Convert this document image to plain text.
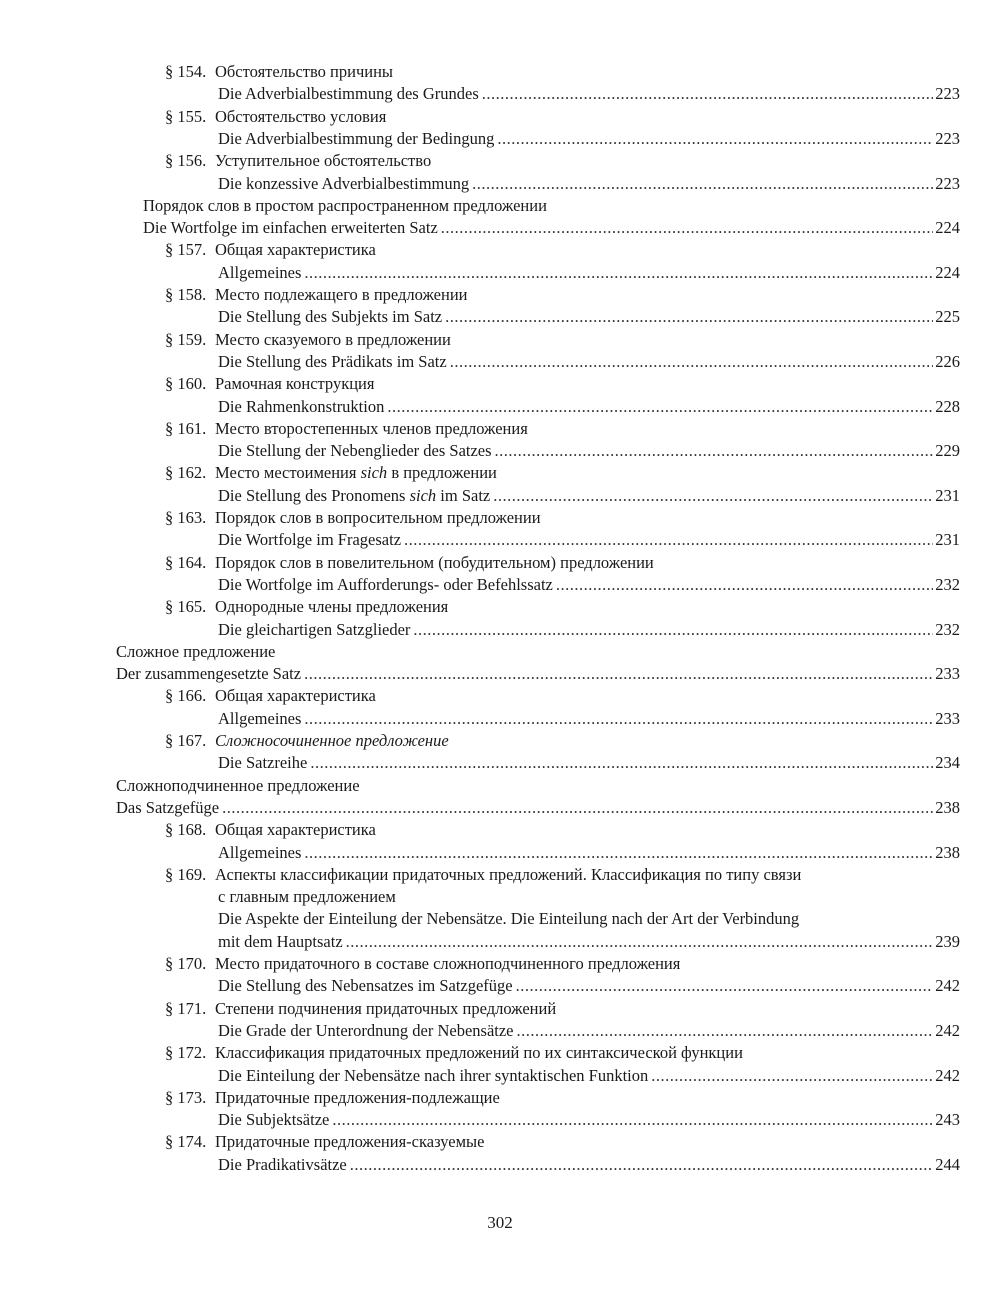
§ 154. Обстоятельство причины
Die Adverbialbestimmung des Grundes .....	223
§ 155. Обстоятельство условия
Die Adverbialbestimmung der Bedingung .....	223
§ 156. Уступительное обстоятельство
Die konzessive Adverbialbestimmung .....	223
Порядок слов в простом распространенном предложении
Die Wortfolge im einfachen erweiterten Satz .....	224
§ 157. Общая характеристика
Allgemeines .....	224
§ 158. Место подлежащего в предложении
Die Stellung des Subjekts im Satz .....	225
§ 159. Место сказуемого в предложении
Die Stellung des Prädikats im Satz .....	226
§ 160. Рамочная конструкция
Die Rahmenkonstruktion .....	228
§ 161. Место второстепенных членов предложения
Die Stellung der Nebenglieder des Satzes .....	229
§ 162. Место местоимения sich в предложении
Die Stellung des Pronomens sich im Satz .....	231
§ 163. Порядок слов в вопросительном предложении
Die Wortfolge im Fragesatz .....	231
§ 164. Порядок слов в повелительном (побудительном) предложении
Die Wortfolge im Aufforderungs- oder Befehlssatz .....	232
§ 165. Однородные члены предложения
Die gleichartigen Satzglieder .....	232
Сложное предложение
Der zusammengesetzte Satz .....	233
§ 166. Общая характеристика
Allgemeines .....	233
§ 167. Сложносочиненное предложение
Die Satzreihe .....	234
Сложноподчиненное предложение
Das Satzgefüge .....	238
§ 168. Общая характеристика
Allgemeines .....	238
§ 169. Аспекты классификации придаточных предложений. Классификация по типу связи
с главным предложением
Die Aspekte der Einteilung der Nebensätze. Die Einteilung nach der Art der Verbindung
mit dem Hauptsatz .....	239
§ 170. Место придаточного в составе сложноподчиненного предложения
Die Stellung des Nebensatzes im Satzgefüge .....	242
§ 171. Степени подчинения придаточных предложений
Die Grade der Unterordnung der Nebensätze .....	242
§ 172. Классификация придаточных предложений по их синтаксической функции
Die Einteilung der Nebensätze nach ihrer syntaktischen Funktion .....	242
§ 173. Придаточные предложения-подлежащие
Die Subjektsätze .....	243
§ 174. Придаточные предложения-сказуемые
Die Pradikativsätze .....	244
302
